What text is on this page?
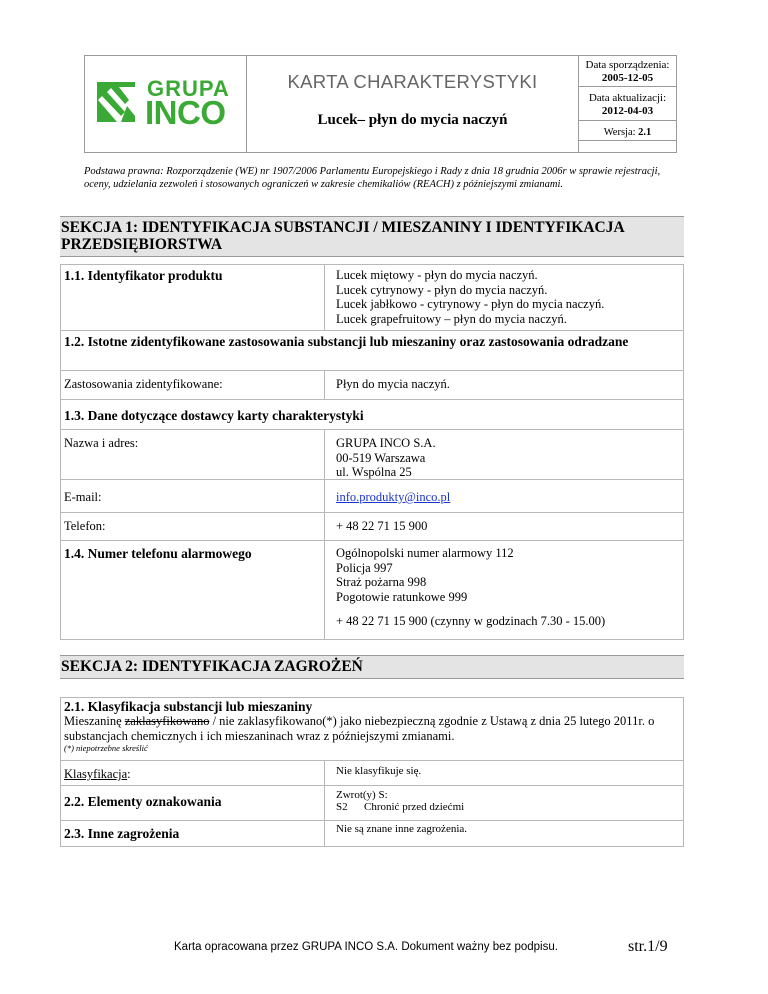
GRUPA
INCO
KARTA CHARAKTERYSTYKI
Lucek– płyn do mycia naczyń
Data sporządzenia:
2005-12-05
Data aktualizacji:
2012-04-03
Wersja: 2.1
Podstawa prawna: Rozporządzenie (WE) nr 1907/2006 Parlamentu Europejskiego i Rady z dnia 18 grudnia 2006r w sprawie rejestracji, oceny, udzielania zezwoleń i stosowanych ograniczeń w zakresie chemikaliów (REACH) z późniejszymi zmianami.
SEKCJA 1: IDENTYFIKACJA SUBSTANCJI / MIESZANINY I IDENTYFIKACJA PRZEDSIĘBIORSTWA
1.1. Identyfikator produktu	Lucek miętowy - płyn do mycia naczyń.
Lucek cytrynowy - płyn do mycia naczyń.
Lucek jabłkowo - cytrynowy - płyn do mycia naczyń.
Lucek grapefruitowy – płyn do mycia naczyń.
1.2. Istotne zidentyfikowane zastosowania substancji lub mieszaniny oraz zastosowania odradzane
Zastosowania zidentyfikowane:	Płyn do mycia naczyń.
1.3. Dane dotyczące dostawcy karty charakterystyki
Nazwa i adres:	GRUPA INCO S.A.
00-519 Warszawa
ul. Wspólna 25
E-mail:	info.produkty@inco.pl
Telefon:	+ 48 22 71 15 900
1.4. Numer telefonu alarmowego	Ogólnopolski numer alarmowy 112
Policja 997
Straż pożarna 998
Pogotowie ratunkowe 999
+ 48 22 71 15 900 (czynny w godzinach 7.30 - 15.00)
SEKCJA 2: IDENTYFIKACJA ZAGROŻEŃ
2.1. Klasyfikacja substancji lub mieszaniny
Mieszaninę zaklasyfikowano / nie zaklasyfikowano(*) jako niebezpieczną zgodnie z Ustawą z dnia 25 lutego 2011r. o substancjach chemicznych i ich mieszaninach wraz z późniejszymi zmianami.
(*) niepotrzebne skreślić
Klasyfikacja:	Nie klasyfikuje się.
2.2. Elementy oznakowania	Zwrot(y) S:
S2 Chronić przed dziećmi
2.3. Inne zagrożenia	Nie są znane inne zagrożenia.
Karta opracowana przez GRUPA INCO S.A. Dokument ważny bez podpisu.	str.1/9
